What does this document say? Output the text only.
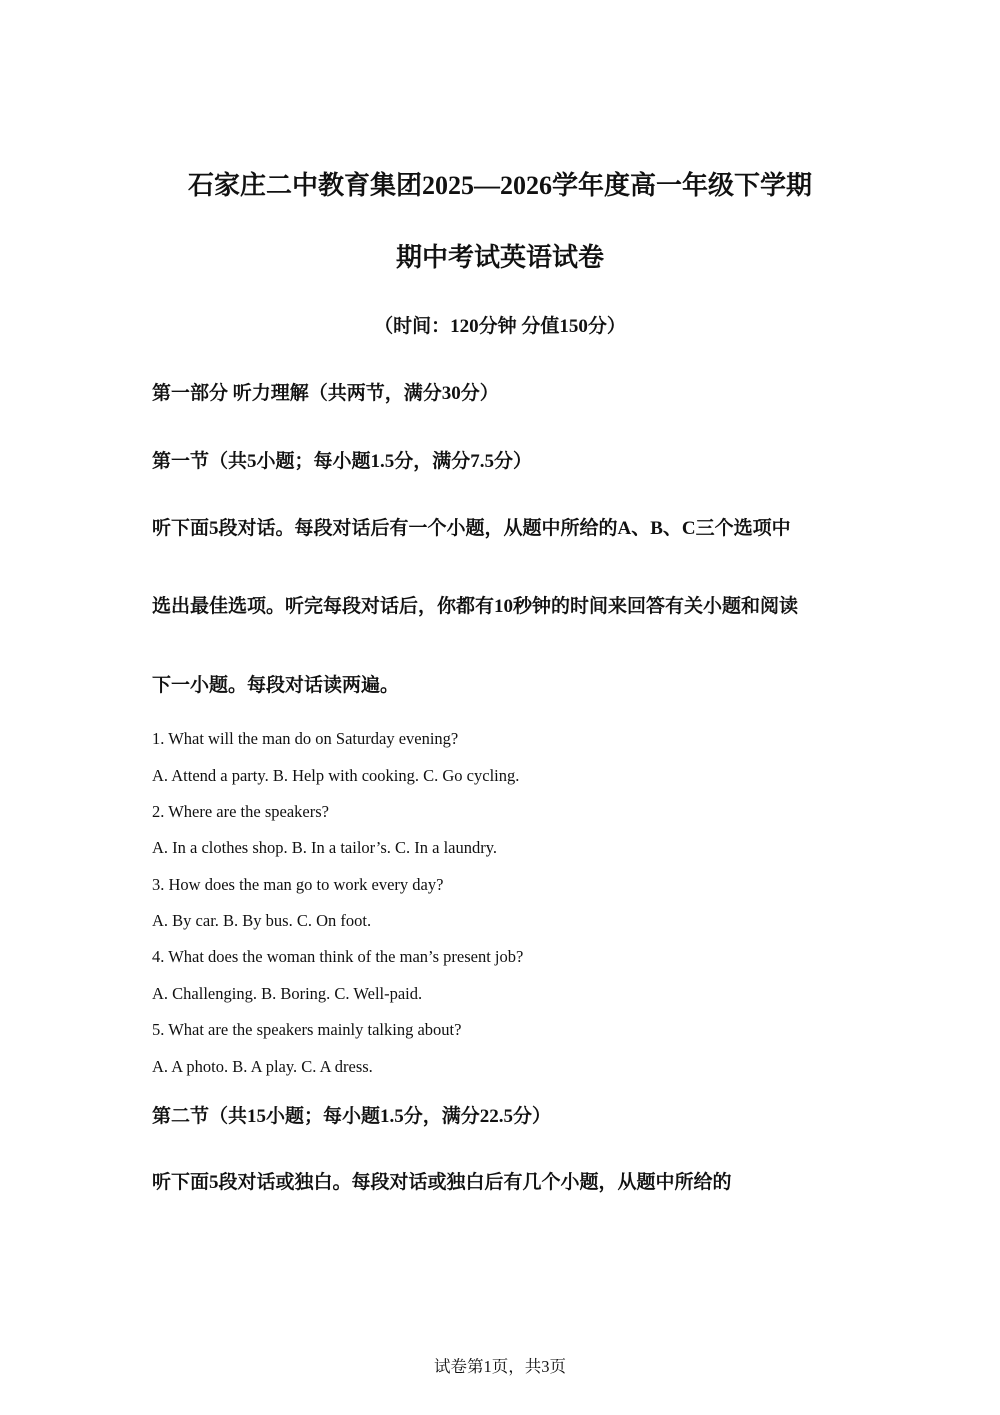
石家庄二中教育集团2025—2026学年度高一年级下学期
期中考试英语试卷
（时间：120分钟 分值150分）
第一部分 听力理解（共两节，满分30分）
第一节（共5小题；每小题1.5分，满分7.5分）
听下面5段对话。每段对话后有一个小题，从题中所给的A、B、C三个选项中
选出最佳选项。听完每段对话后，你都有10秒钟的时间来回答有关小题和阅读
下一小题。每段对话读两遍。
1. What will the man do on Saturday evening?
A. Attend a party. B. Help with cooking. C. Go cycling.
2. Where are the speakers?
A. In a clothes shop. B. In a tailor’s. C. In a laundry.
3. How does the man go to work every day?
A. By car. B. By bus. C. On foot.
4. What does the woman think of the man’s present job?
A. Challenging. B. Boring. C. Well-paid.
5. What are the speakers mainly talking about?
A. A photo. B. A play. C. A dress.
第二节（共15小题；每小题1.5分，满分22.5分）
听下面5段对话或独白。每段对话或独白后有几个小题，从题中所给的
试卷第1页，共3页
